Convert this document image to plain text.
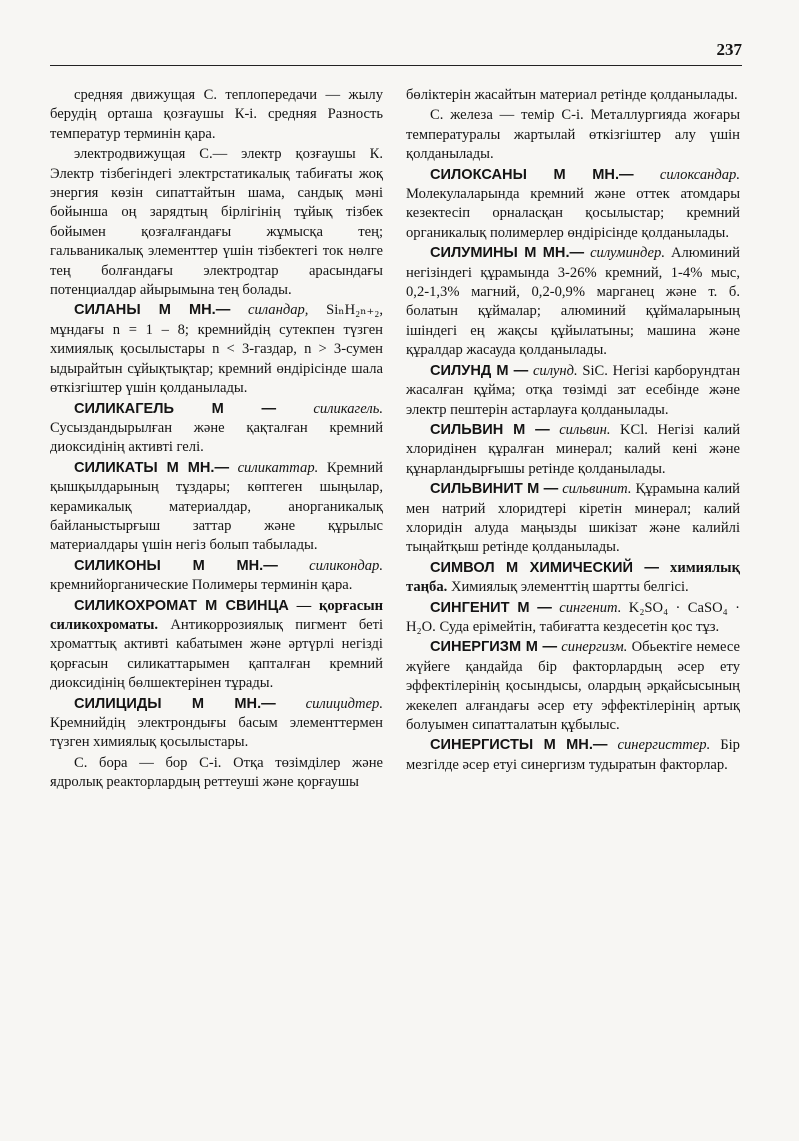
237

средняя движущая С. теплопередачи — жылу берудің орташа қозғаушы К-і. средняя Разность температур терминін қара.

электродвижущая С.— электр қозғаушы К. Электр тізбегіндегі электрстатикалық табиғаты жоқ энергия көзін сипаттайтын шама, сандық мәні бойынша оң зарядтың бірлігінің тұйық тізбек бойымен қозғалғандағы жұмысқа тең; гальваникалық элементтер үшін тізбектегі ток нөлге тең болғандағы электродтар арасындағы потенциалдар айырымына тең болады.

СИЛАНЫ М МН.— силандар, SiₙH₂ₙ₊₂, мұндағы n = 1 – 8; кремнийдің сутекпен түзген химиялық қосылыстары n < 3-газдар, n > 3-сумен ыдырайтын сұйықтықтар; кремний өндірісінде шала өткізгіштер үшін қолданылады.

СИЛИКАГЕЛЬ М —	силикагель. Сусыздандырылған және қақталған кремний диоксидінің активті гелі.

СИЛИКАТЫ М МН.— силикаттар. Кремний қышқылдарының тұздары; көптеген шыңылар, керамикалық материалдар, анорганикалық байланыстырғыш заттар және құрылыс материалдары үшін негіз болып табылады.

СИЛИКОНЫ М МН.— силикондар. кремнийорганические Полимеры терминін қара.

СИЛИКОХРОМАТ М СВИНЦА — қорғасын силикохроматы. Антикоррозиялық пигмент беті хроматтық активті кабатымен және әртүрлі негізді қорғасын силикаттарымен қапталған кремний диоксидінің бөлшектерінен тұрады.

СИЛИЦИДЫ М МН.— силицидтер. Кремнийдің электрондығы басым элементтермен түзген химиялық қосылыстары.

С. бора — бор С-і. Отқа төзімділер және ядролық реакторлардың реттеуші және қорғаушы

бөліктерін жасайтын материал ретінде қолданылады.

С. железа — темір С-і. Металлургияда жоғары температуралы жартылай өткізгіштер алу үшін қолданылады.

СИЛОКСАНЫ М МН.— силоксандар. Молекулаларында кремний және оттек атомдары кезектесіп орналасқан қосылыстар; кремний органикалық полимерлер өндірісінде қолданылады.

СИЛУМИНЫ М МН.— силуминдер. Алюминий негізіндегі құрамында 3-26% кремний, 1-4% мыс, 0,2-1,3% магний, 0,2-0,9% марганец және т. б. болатын құймалар; алюминий құймаларының ішіндегі ең жақсы құйылатыны; машина және құралдар жасауда қолданылады.

СИЛУНД М — силунд. SiC. Негізі карборундтан жасалған құйма; отқа төзімді зат есебінде және электр пештерін астарлауға қолданылады.

СИЛЬВИН М — сильвин. KCl. Негізі калий хлоридінен құралған минерал; калий кені және құнарландырғышы ретінде қолданылады.

СИЛЬВИНИТ М — сильвинит. Құрамына калий мен натрий хлоридтері кіретін минерал; калий хлоридін алуда маңызды шикізат және калийлі тыңайтқыш ретінде қолданылады.

СИМВОЛ М ХИМИЧЕСКИЙ — химиялық таңба. Химиялық элементтің шартты белгісі.

СИНГЕНИТ М — сингенит. K₂SO₄ · CaSO₄ · H₂O. Суда ерімейтін, табиғатта кездесетін қос тұз.

СИНЕРГИЗМ М — синергизм. Обьектіге немесе жүйеге қандайда бір факторлардың әсер ету эффектілерінің қосындысы, олардың әрқайсысының жекелеп алғандағы әсер ету эффектілерінің артық болуымен сипатталатын құбылыс.

СИНЕРГИСТЫ М МН.— синергисттер. Бір мезгілде әсер етуі синергизм тудыратын факторлар.
